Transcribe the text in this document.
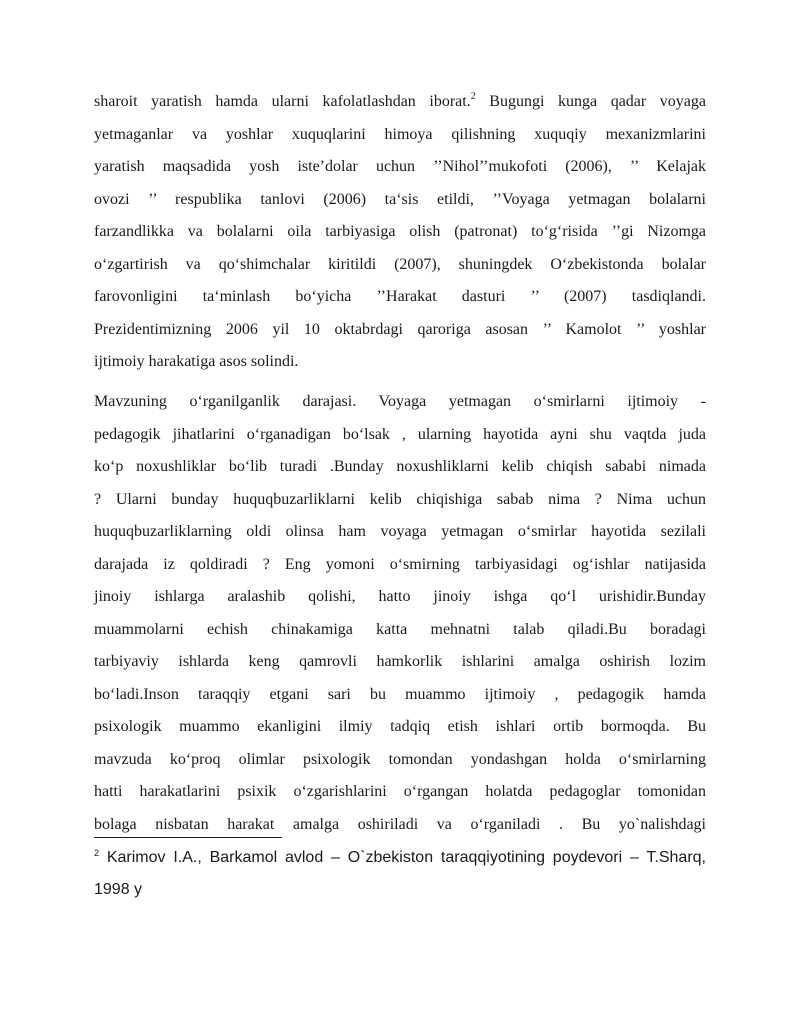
sharoit yaratish hamda ularni kafolatlashdan iborat.$^2$ Bugungi kunga qadar voyaga
yetmaganlar va yoshlar xuquqlarini himoya qilishning xuquqiy mexanizmlarini
yaratish maqsadida yosh iste’dolar uchun ’’Nihol’’mukofoti (2006), ’’ Kelajak
ovozi ’’ respublika tanlovi (2006) ta‘sis etildi, ’’Voyaga yetmagan bolalarni
farzandlikka va bolalarni oila tarbiyasiga olish (patronat) to‘g‘risida ’’gi Nizomga
o‘zgartirish va qo‘shimchalar kiritildi (2007), shuningdek O‘zbekistonda bolalar
farovonligini ta‘minlash bo‘yicha ’’Harakat dasturi ’’ (2007) tasdiqlandi.
Prezidentimizning 2006 yil 10 oktabrdagi qaroriga asosan ’’ Kamolot ’’ yoshlar
ijtimoiy harakatiga asos solindi.
Mavzuning o‘rganilganlik darajasi. Voyaga yetmagan o‘smirlarni ijtimoiy -
pedagogik jihatlarini o‘rganadigan bo‘lsak , ularning hayotida ayni shu vaqtda juda
ko‘p noxushliklar bo‘lib turadi .Bunday noxushliklarni kelib chiqish sababi nimada
? Ularni bunday huquqbuzarliklarni kelib chiqishiga sabab nima ? Nima uchun
huquqbuzarliklarning oldi olinsa ham voyaga yetmagan o‘smirlar hayotida sezilali
darajada iz qoldiradi ? Eng yomoni o‘smirning tarbiyasidagi og‘ishlar natijasida
jinoiy ishlarga aralashib qolishi, hatto jinoiy ishga qo‘l urishidir.Bunday
muammolarni echish chinakamiga katta mehnatni talab qiladi.Bu boradagi
tarbiyaviy ishlarda keng qamrovli hamkorlik ishlarini amalga oshirish lozim
bo‘ladi.Inson taraqqiy etgani sari bu muammo ijtimoiy , pedagogik hamda
psixologik muammo ekanligini ilmiy tadqiq etish ishlari ortib bormoqda. Bu
mavzuda ko‘proq olimlar psixologik tomondan yondashgan holda o‘smirlarning
hatti harakatlarini psixik o‘zgarishlarini o‘rgangan holatda pedagoglar tomonidan
bolaga nisbatan harakat amalga oshiriladi va o‘rganiladi . Bu yo`nalishdagi
$^2$ Karimov I.A., Barkamol avlod – O`zbekiston taraqqiyotining poydevori – T.Sharq,
1998 y
